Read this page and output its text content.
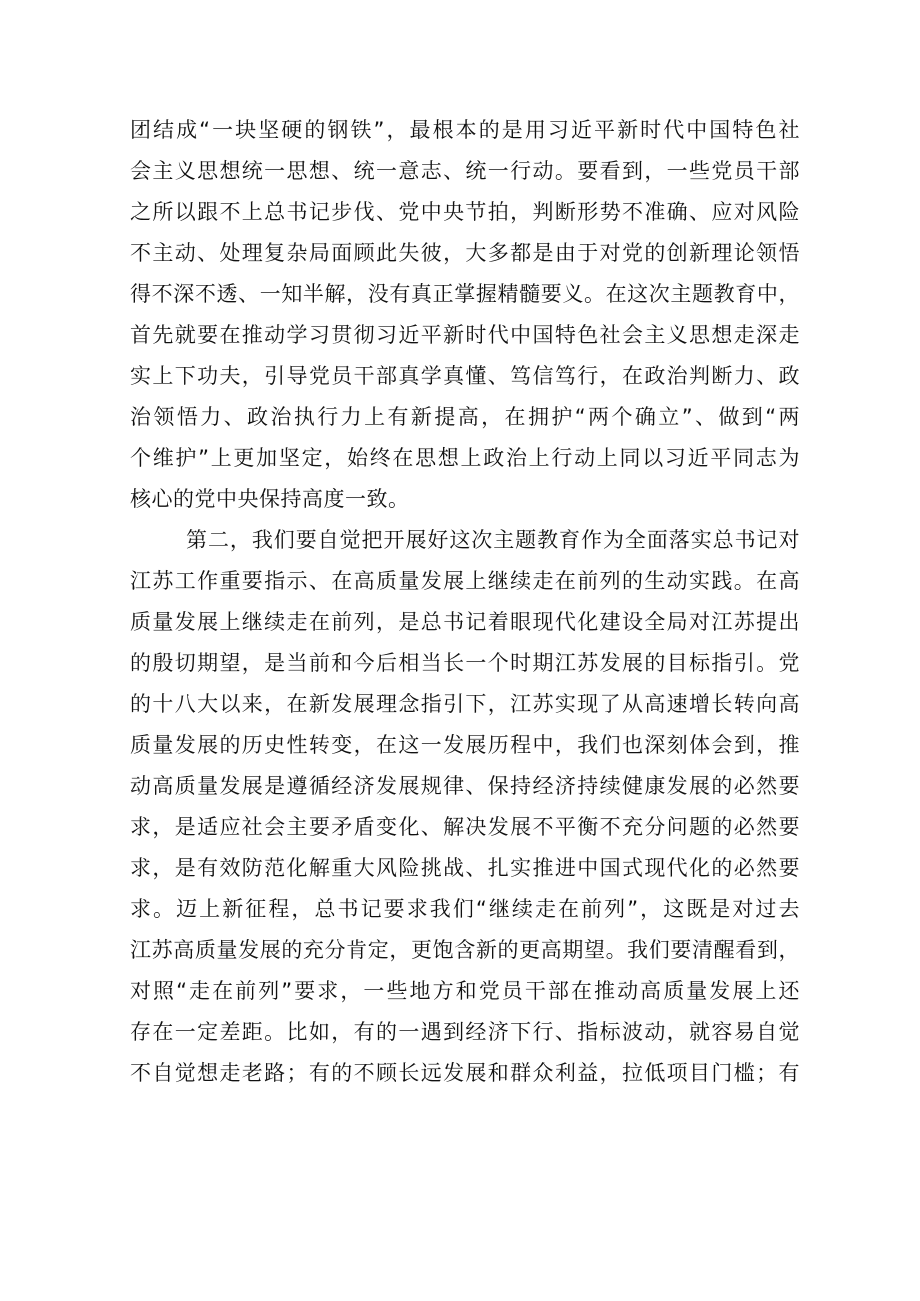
团结成“一块坚硬的钢铁”，最根本的是用习近平新时代中国特色社
会主义思想统一思想、统一意志、统一行动。要看到，一些党员干部
之所以跟不上总书记步伐、党中央节拍，判断形势不准确、应对风险
不主动、处理复杂局面顾此失彼，大多都是由于对党的创新理论领悟
得不深不透、一知半解，没有真正掌握精髓要义。在这次主题教育中，
首先就要在推动学习贯彻习近平新时代中国特色社会主义思想走深走
实上下功夫，引导党员干部真学真懂、笃信笃行，在政治判断力、政
治领悟力、政治执行力上有新提高，在拥护“两个确立”、做到“两
个维护”上更加坚定，始终在思想上政治上行动上同以习近平同志为
核心的党中央保持高度一致。
第二，我们要自觉把开展好这次主题教育作为全面落实总书记对
江苏工作重要指示、在高质量发展上继续走在前列的生动实践。在高
质量发展上继续走在前列，是总书记着眼现代化建设全局对江苏提出
的殷切期望，是当前和今后相当长一个时期江苏发展的目标指引。党
的十八大以来，在新发展理念指引下，江苏实现了从高速增长转向高
质量发展的历史性转变，在这一发展历程中，我们也深刻体会到，推
动高质量发展是遵循经济发展规律、保持经济持续健康发展的必然要
求，是适应社会主要矛盾变化、解决发展不平衡不充分问题的必然要
求，是有效防范化解重大风险挑战、扎实推进中国式现代化的必然要
求。迈上新征程，总书记要求我们“继续走在前列”，这既是对过去
江苏高质量发展的充分肯定，更饱含新的更高期望。我们要清醒看到，
对照“走在前列”要求，一些地方和党员干部在推动高质量发展上还
存在一定差距。比如，有的一遇到经济下行、指标波动，就容易自觉
不自觉想走老路；有的不顾长远发展和群众利益，拉低项目门槛；有
